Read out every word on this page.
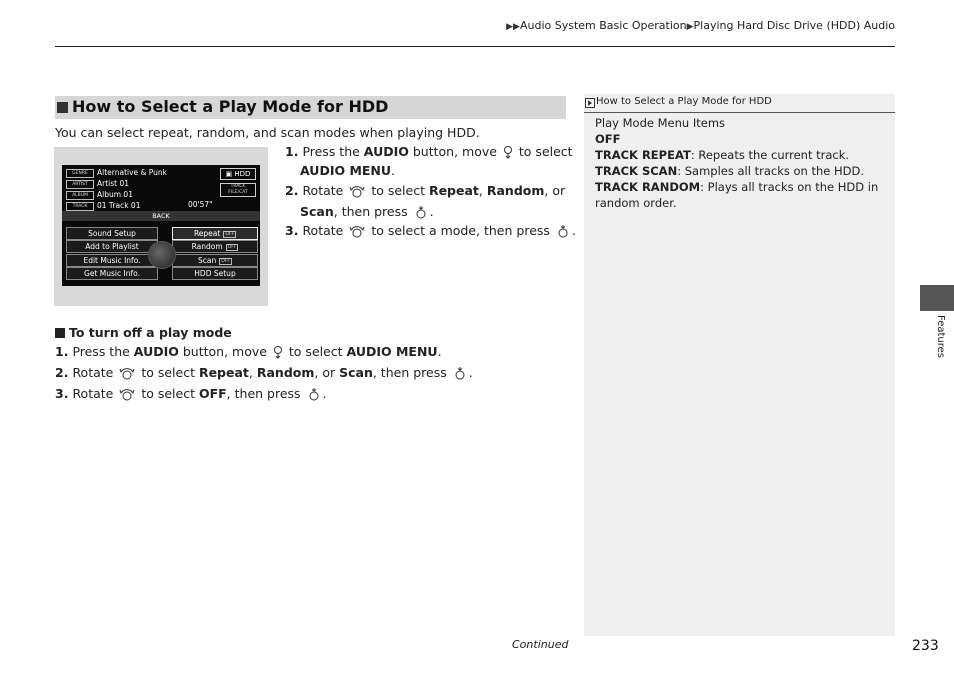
▶▶Audio System Basic Operation▶Playing Hard Disc Drive (HDD) Audio
How to Select a Play Mode for HDD
You can select repeat, random, and scan modes when playing HDD.
GENRE Alternative & Punk
ARTIST Artist 01
ALBUM Album 01
TRACK 01 Track 01	00'57"
▣ HDD
TRACK
FILE/CAT
BACK
Sound Setup
Add to Playlist
Edit Music Info.
Get Music Info.
Repeat OFF
Random OFF
Scan OFF
HDD Setup
1. Press the AUDIO button, move  to select
AUDIO MENU.
2. Rotate  to select Repeat, Random, or
Scan, then press .
3. Rotate  to select a mode, then press .
To turn off a play mode
1. Press the AUDIO button, move  to select AUDIO MENU.
2. Rotate  to select Repeat, Random, or Scan, then press .
3. Rotate  to select OFF, then press .
How to Select a Play Mode for HDD
Play Mode Menu Items
OFF
TRACK REPEAT: Repeats the current track.
TRACK SCAN: Samples all tracks on the HDD.
TRACK RANDOM: Plays all tracks on the HDD in
random order.
Features
Continued	233
